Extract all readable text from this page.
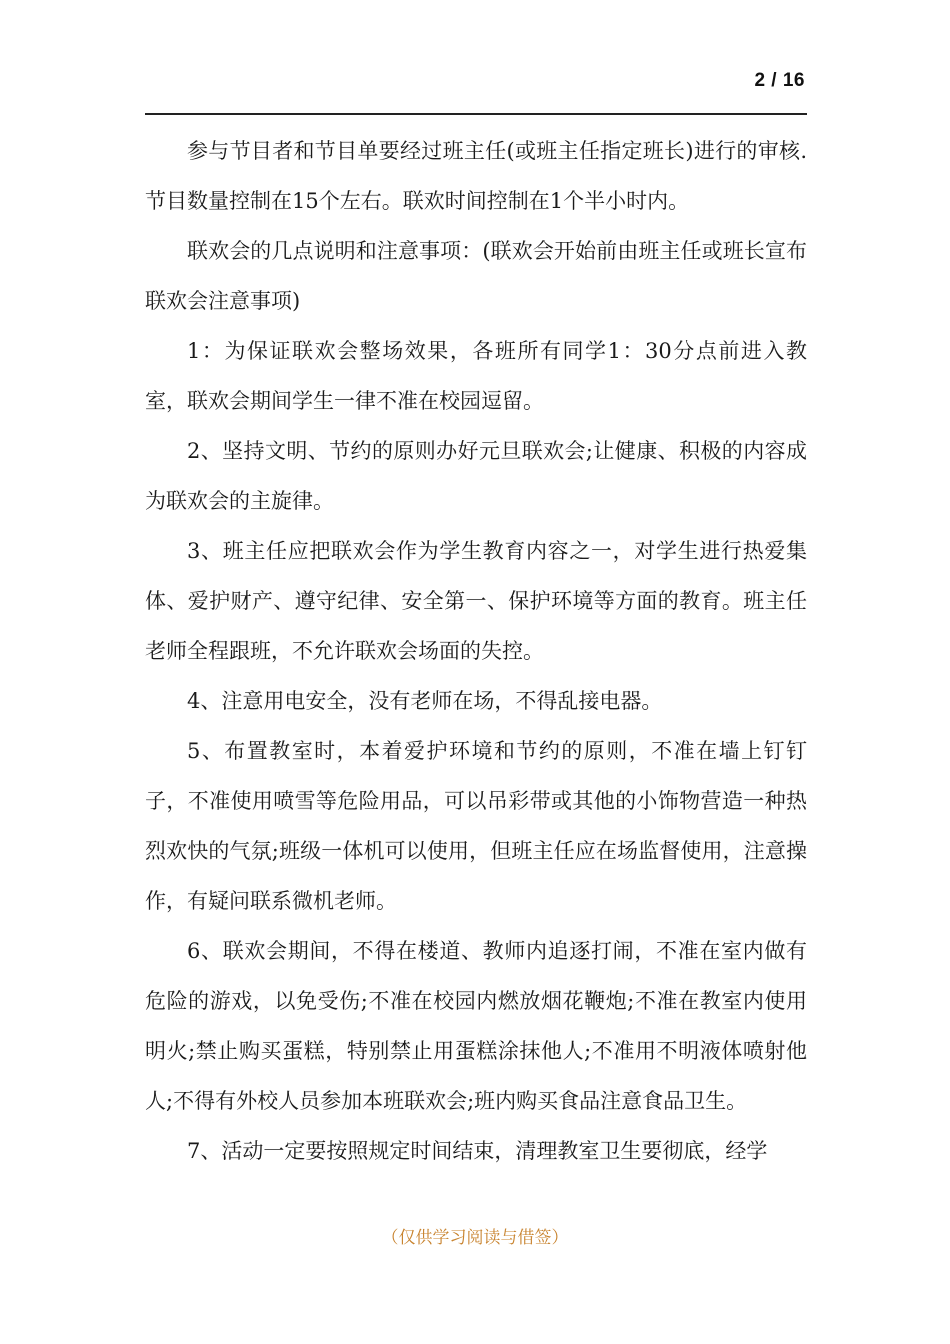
2 / 16

参与节目者和节目单要经过班主任(或班主任指定班长)进行的审核.节目数量控制在15个左右。联欢时间控制在1个半小时内。

联欢会的几点说明和注意事项：(联欢会开始前由班主任或班长宣布联欢会注意事项)

1：为保证联欢会整场效果，各班所有同学1：30分点前进入教室，联欢会期间学生一律不准在校园逗留。

2、坚持文明、节约的原则办好元旦联欢会;让健康、积极的内容成为联欢会的主旋律。

3、班主任应把联欢会作为学生教育内容之一，对学生进行热爱集体、爱护财产、遵守纪律、安全第一、保护环境等方面的教育。班主任老师全程跟班，不允许联欢会场面的失控。

4、注意用电安全，没有老师在场，不得乱接电器。

5、布置教室时，本着爱护环境和节约的原则，不准在墙上钉钉子，不准使用喷雪等危险用品，可以吊彩带或其他的小饰物营造一种热烈欢快的气氛;班级一体机可以使用，但班主任应在场监督使用，注意操作，有疑问联系微机老师。

6、联欢会期间，不得在楼道、教师内追逐打闹，不准在室内做有危险的游戏，以免受伤;不准在校园内燃放烟花鞭炮;不准在教室内使用明火;禁止购买蛋糕，特别禁止用蛋糕涂抹他人;不准用不明液体喷射他人;不得有外校人员参加本班联欢会;班内购买食品注意食品卫生。

7、活动一定要按照规定时间结束，清理教室卫生要彻底，经学

（仅供学习阅读与借签）
